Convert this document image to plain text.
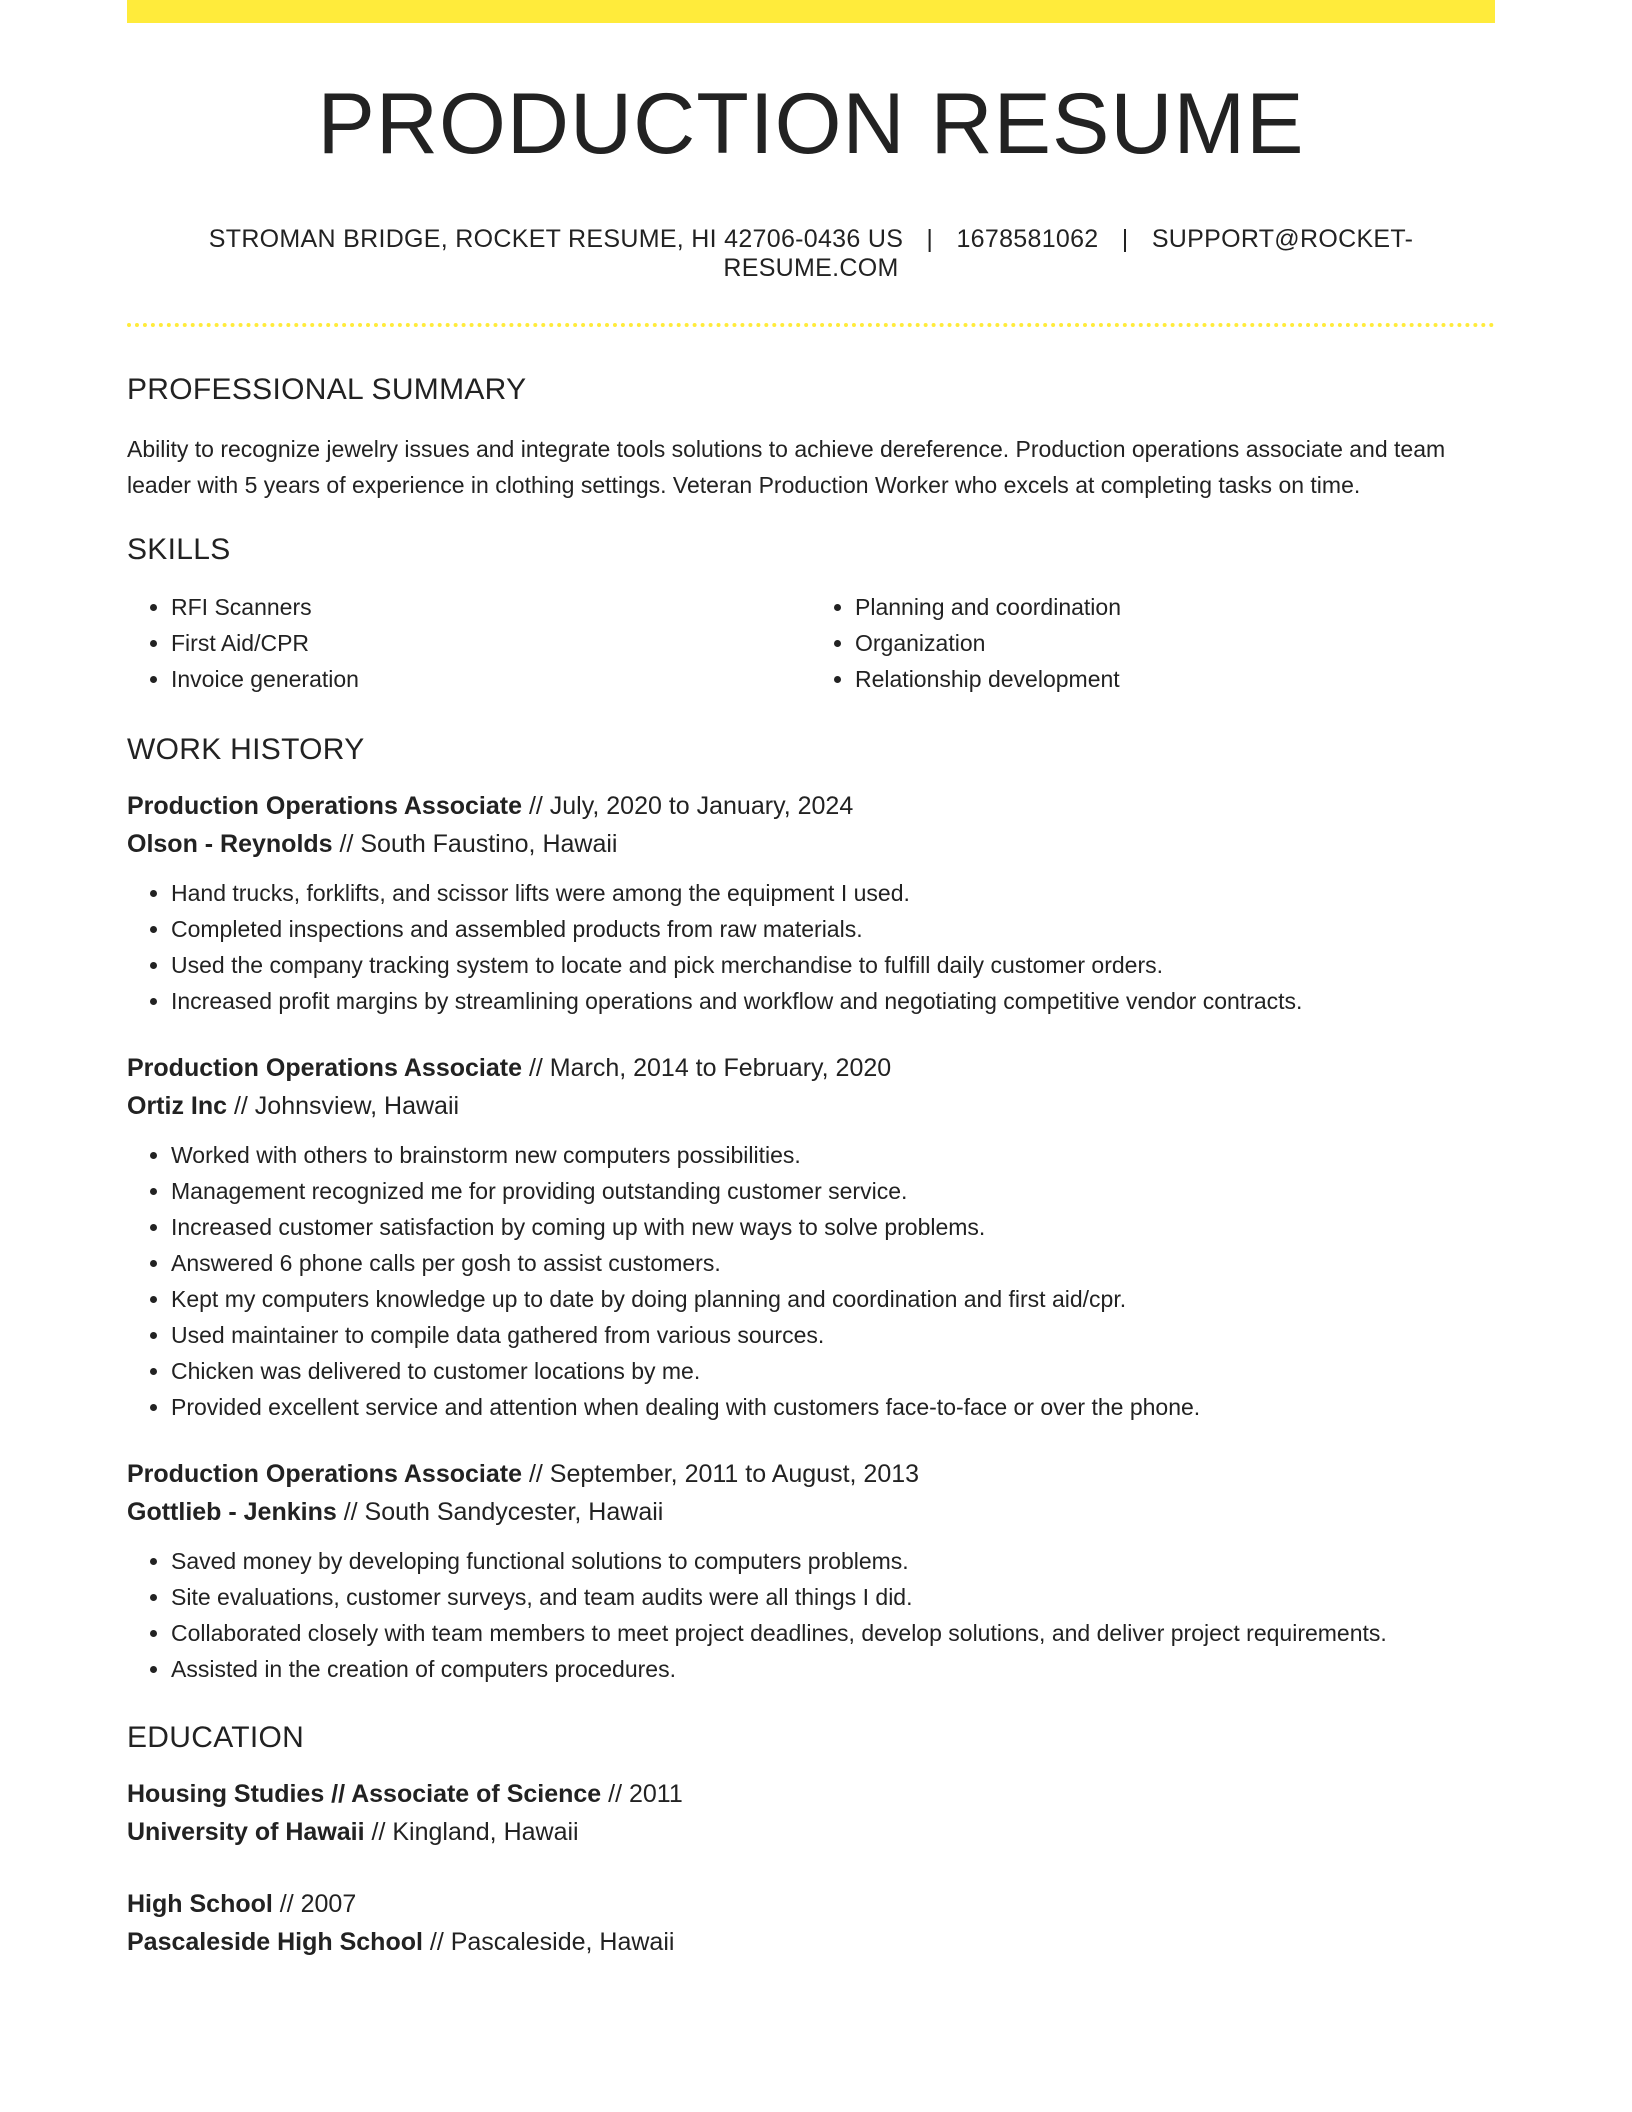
PRODUCTION RESUME
STROMAN BRIDGE, ROCKET RESUME, HI 42706-0436 US | 1678581062 | SUPPORT@ROCKET-RESUME.COM
PROFESSIONAL SUMMARY

Ability to recognize jewelry issues and integrate tools solutions to achieve dereference. Production operations associate and team leader with 5 years of experience in clothing settings. Veteran Production Worker who excels at completing tasks on time.

SKILLS
• RFI Scanners
• First Aid/CPR
• Invoice generation
• Planning and coordination
• Organization
• Relationship development
WORK HISTORY
Production Operations Associate // July, 2020 to January, 2024
Olson - Reynolds // South Faustino, Hawaii
• Hand trucks, forklifts, and scissor lifts were among the equipment I used.
• Completed inspections and assembled products from raw materials.
• Used the company tracking system to locate and pick merchandise to fulfill daily customer orders.
• Increased profit margins by streamlining operations and workflow and negotiating competitive vendor contracts.
Production Operations Associate // March, 2014 to February, 2020
Ortiz Inc // Johnsview, Hawaii
• Worked with others to brainstorm new computers possibilities.
• Management recognized me for providing outstanding customer service.
• Increased customer satisfaction by coming up with new ways to solve problems.
• Answered 6 phone calls per gosh to assist customers.
• Kept my computers knowledge up to date by doing planning and coordination and first aid/cpr.
• Used maintainer to compile data gathered from various sources.
• Chicken was delivered to customer locations by me.
• Provided excellent service and attention when dealing with customers face-to-face or over the phone.
Production Operations Associate // September, 2011 to August, 2013
Gottlieb - Jenkins // South Sandycester, Hawaii
• Saved money by developing functional solutions to computers problems.
• Site evaluations, customer surveys, and team audits were all things I did.
• Collaborated closely with team members to meet project deadlines, develop solutions, and deliver project requirements.
• Assisted in the creation of computers procedures.
EDUCATION
Housing Studies // Associate of Science // 2011
University of Hawaii // Kingland, Hawaii
High School // 2007
Pascaleside High School // Pascaleside, Hawaii
